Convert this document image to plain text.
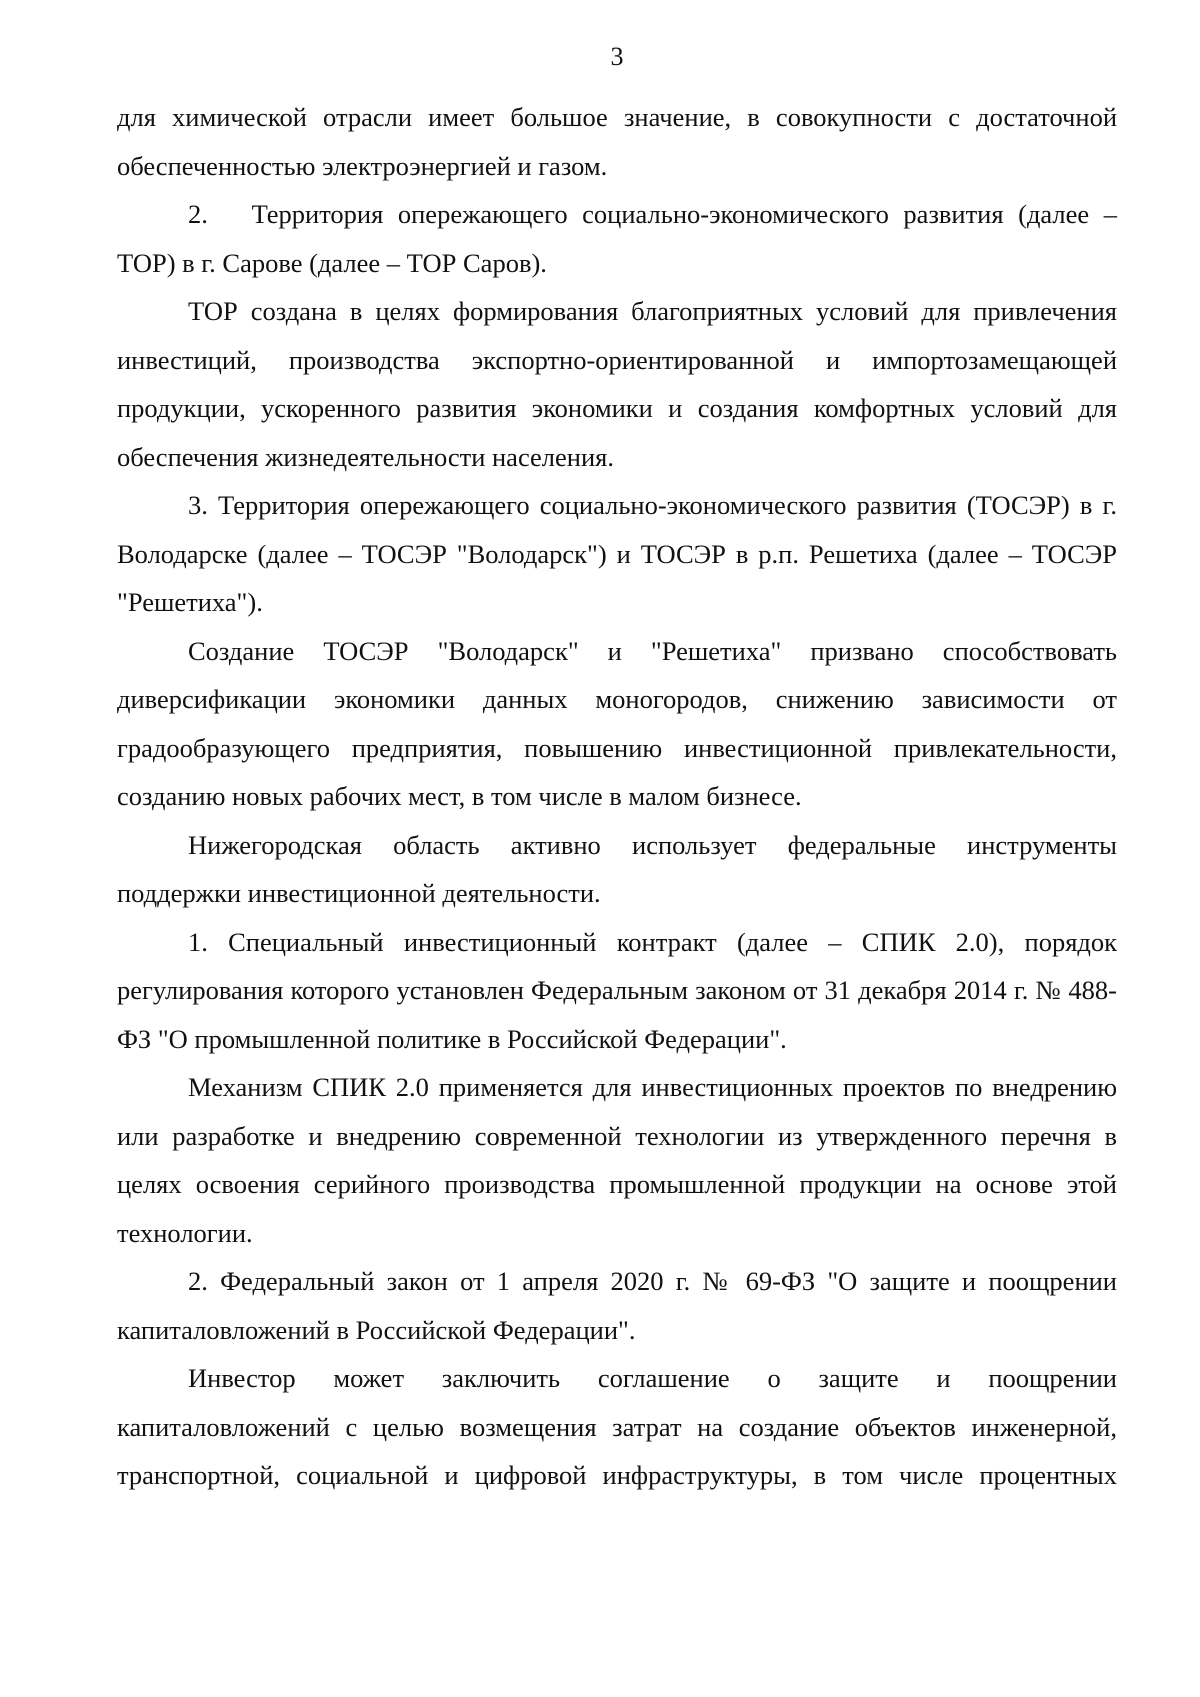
3

для химической отрасли имеет большое значение, в совокупности с достаточной обеспеченностью электроэнергией и газом.

2.   Территория опережающего социально-экономического развития (далее – ТОР) в г. Сарове (далее – ТОР Саров).

ТОР создана в целях формирования благоприятных условий для привлечения инвестиций, производства экспортно-ориентированной и импортозамещающей продукции, ускоренного развития экономики и создания комфортных условий для обеспечения жизнедеятельности населения.

3. Территория опережающего социально-экономического развития (ТОСЭР) в г. Володарске (далее – ТОСЭР "Володарск") и ТОСЭР в р.п. Решетиха (далее – ТОСЭР "Решетиха").

Создание ТОСЭР "Володарск" и "Решетиха" призвано способствовать диверсификации экономики данных моногородов, снижению зависимости от градообразующего предприятия, повышению инвестиционной привлекательности, созданию новых рабочих мест, в том числе в малом бизнесе.

Нижегородская область активно использует федеральные инструменты поддержки инвестиционной деятельности.

1. Специальный инвестиционный контракт (далее – СПИК 2.0), порядок регулирования которого установлен Федеральным законом от 31 декабря 2014 г. № 488-ФЗ "О промышленной политике в Российской Федерации".

Механизм СПИК 2.0 применяется для инвестиционных проектов по внедрению или разработке и внедрению современной технологии из утвержденного перечня в целях освоения серийного производства промышленной продукции на основе этой технологии.

2. Федеральный закон от 1 апреля 2020 г. № 69-ФЗ "О защите и поощрении капиталовложений в Российской Федерации".

Инвестор может заключить соглашение о защите и поощрении капиталовложений с целью возмещения затрат на создание объектов инженерной, транспортной, социальной и цифровой инфраструктуры, в том числе процентных
